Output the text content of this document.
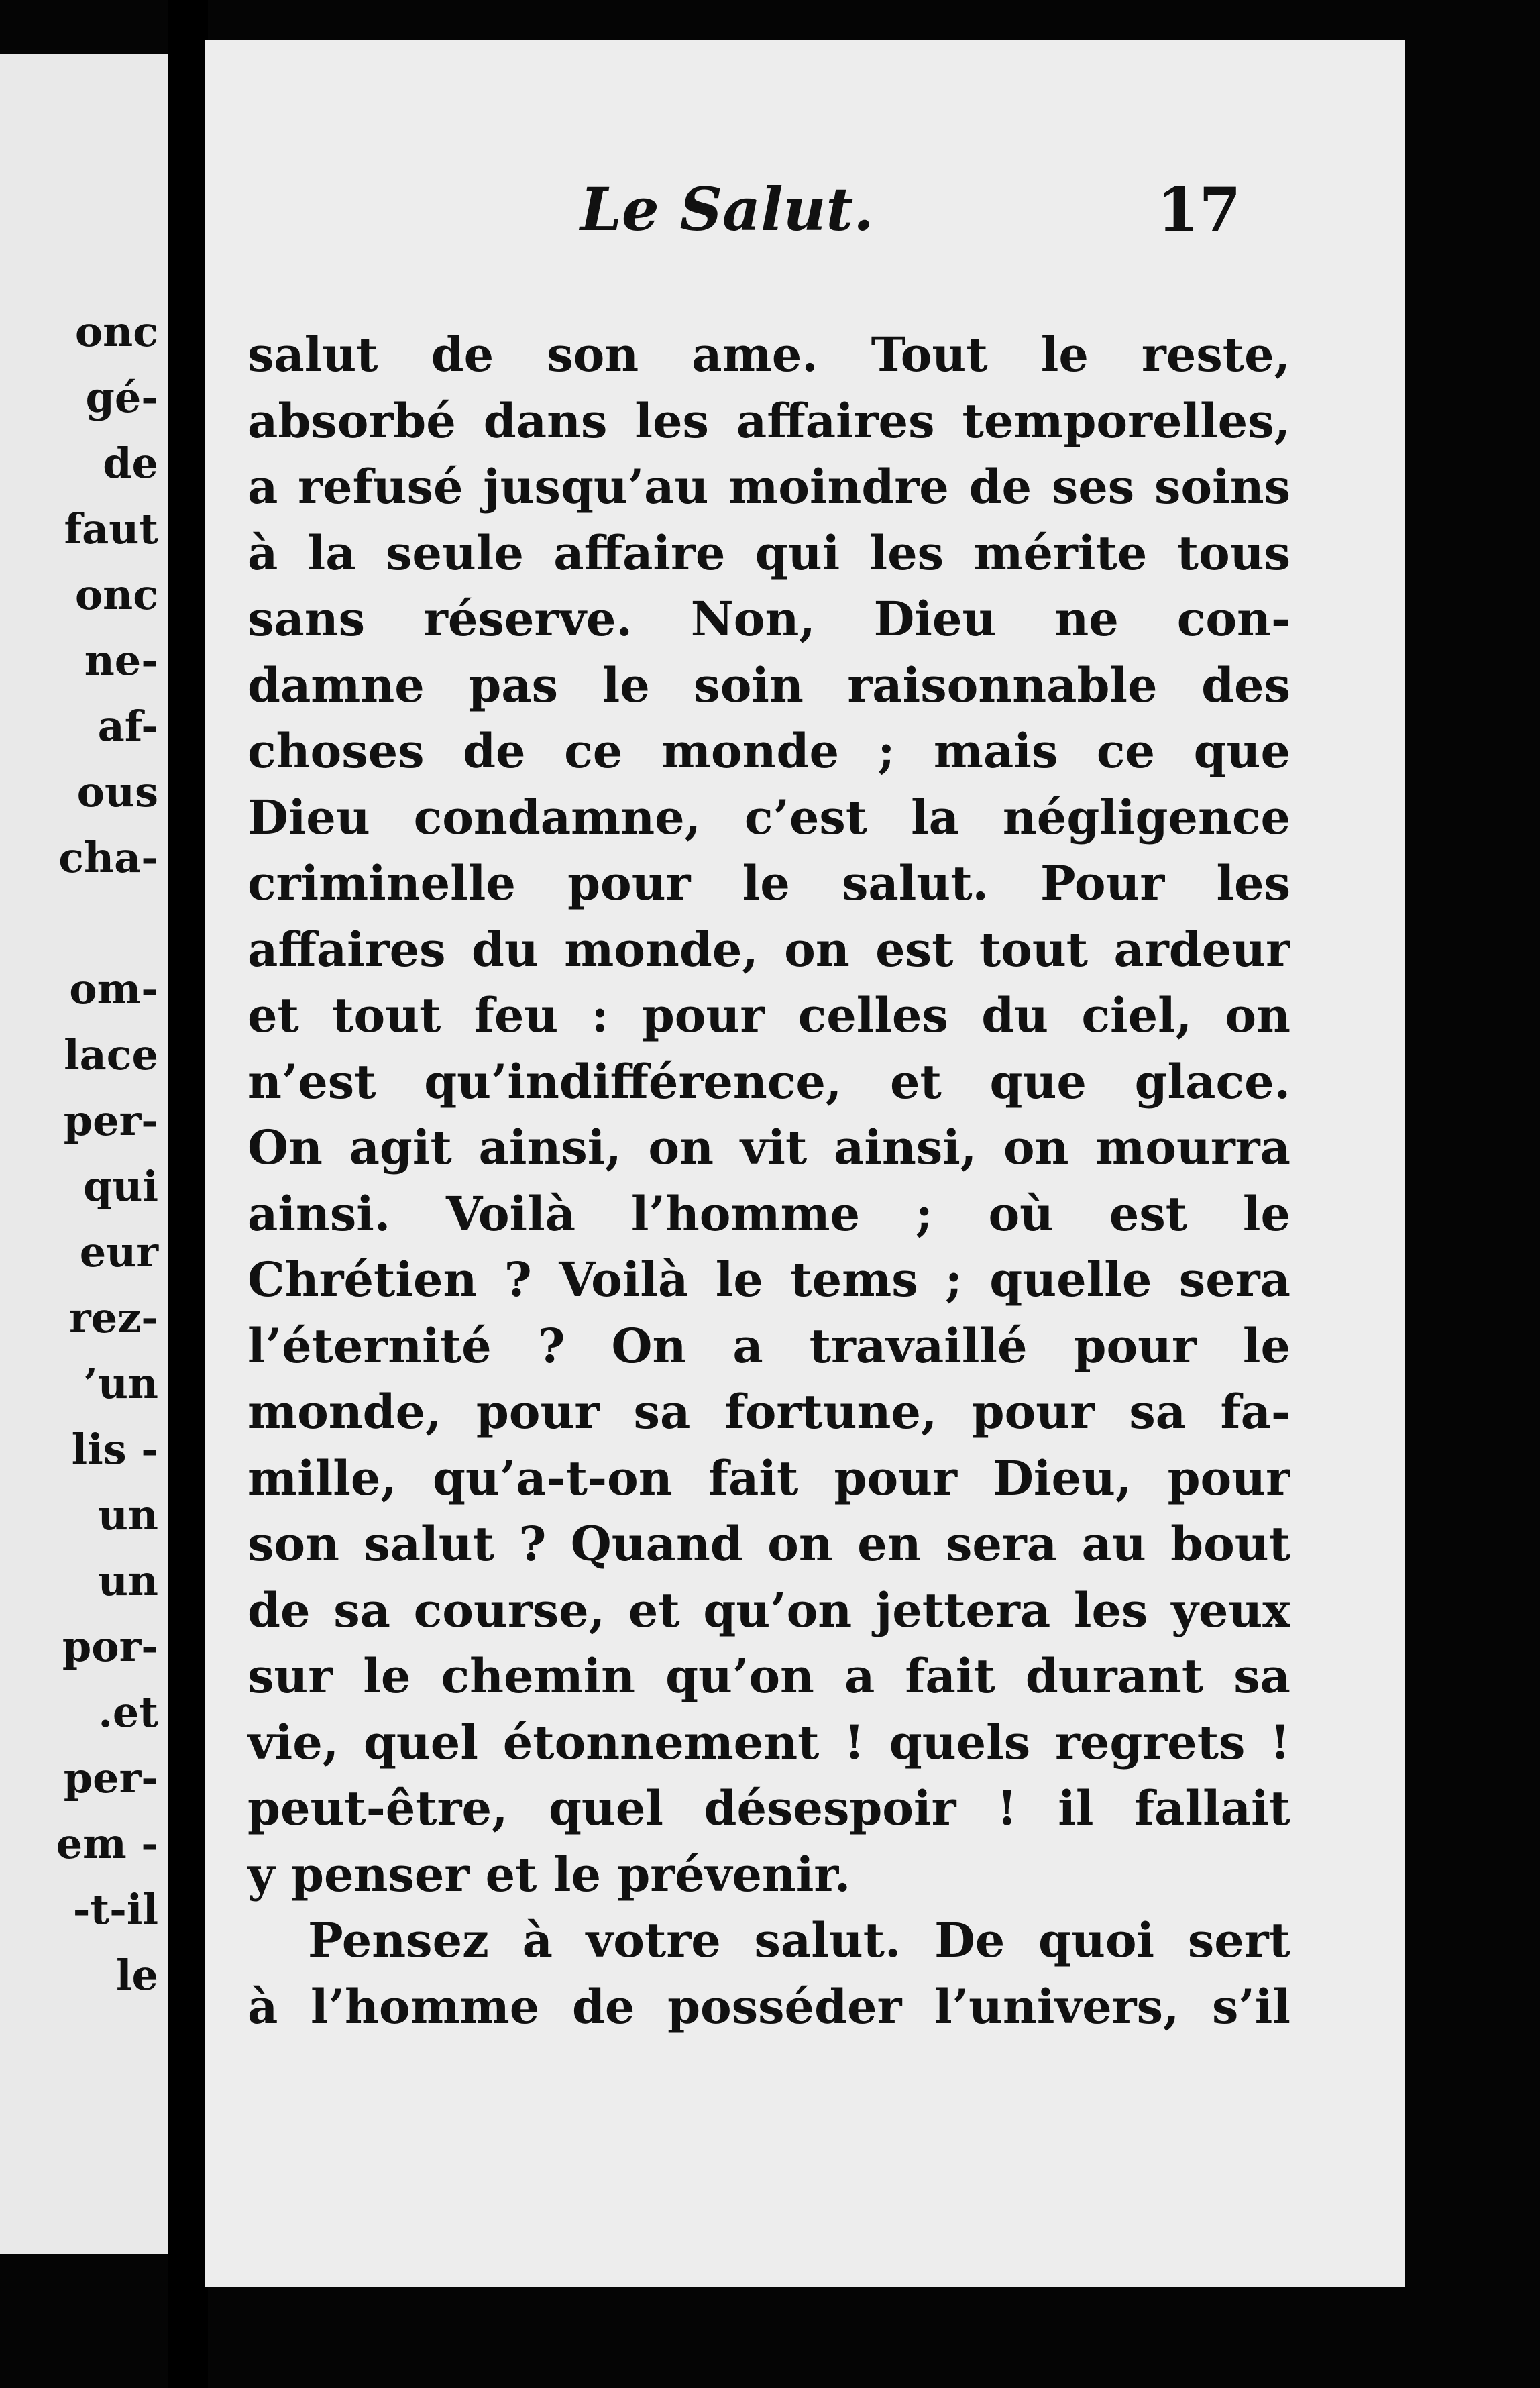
onc
gé-
de
faut
onc
ne-
af-
ous
cha-
om-
lace
per-
qui
eur
rez-
’un
lis -
un
un
por-
.et
per-
em -
-t-il
le
Le Salut.	17
salut de son ame. Tout le reste,
absorbé dans les affaires temporelles,
a refusé jusqu’au moindre de ses soins
à la seule affaire qui les mérite tous
sans réserve. Non, Dieu ne con-
damne pas le soin raisonnable des
choses de ce monde ; mais ce que
Dieu condamne, c’est la négligence
criminelle pour le salut. Pour les
affaires du monde, on est tout ardeur
et tout feu : pour celles du ciel, on
n’est qu’indifférence, et que glace.
On agit ainsi, on vit ainsi, on mourra
ainsi. Voilà l’homme ; où est le
Chrétien ? Voilà le tems ; quelle sera
l’éternité ? On a travaillé pour le
monde, pour sa fortune, pour sa fa-
mille, qu’a-t-on fait pour Dieu, pour
son salut ? Quand on en sera au bout
de sa course, et qu’on jettera les yeux
sur le chemin qu’on a fait durant sa
vie, quel étonnement ! quels regrets !
peut-être, quel désespoir ! il fallait
y penser et le prévenir.
Pensez à votre salut. De quoi sert
à l’homme de posséder l’univers, s’il
